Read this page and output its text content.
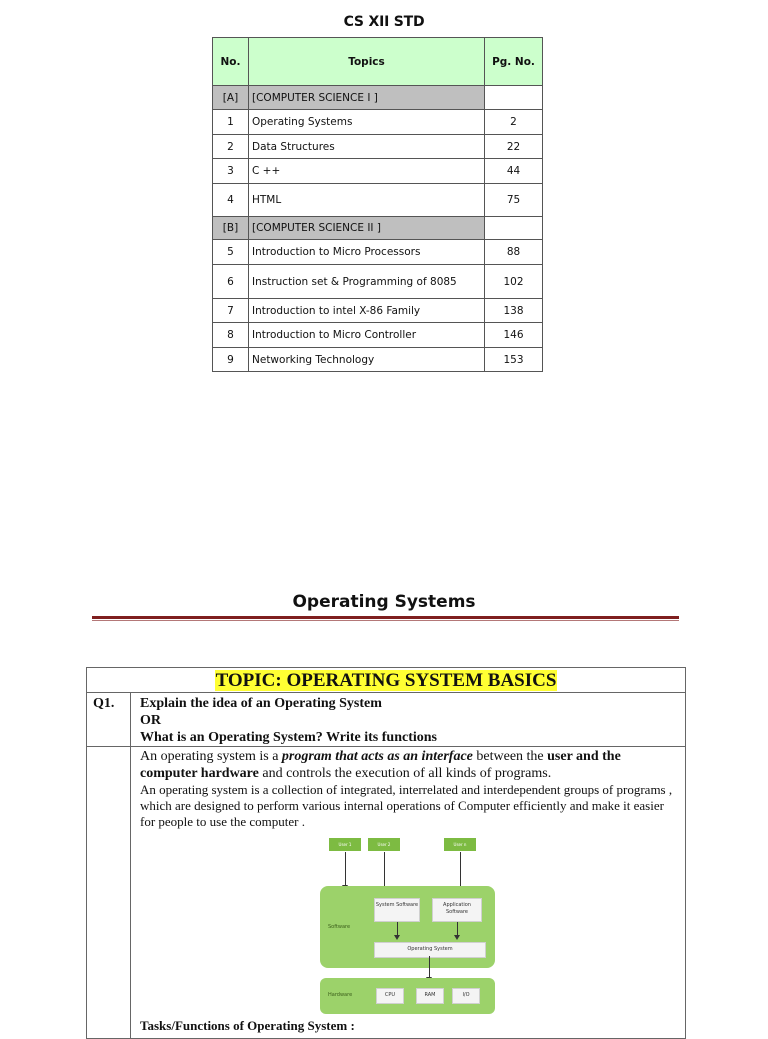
CS XII STD
No.	Topics	Pg. No.
[A]	[COMPUTER SCIENCE I ]	
1	Operating Systems	2
2	Data Structures	22
3	C ++	44
4	HTML	75
[B]	[COMPUTER SCIENCE II ]	
5	Introduction to Micro Processors	88
6	Instruction set & Programming of 8085	102
7	Introduction to intel X-86 Family	138
8	Introduction to Micro Controller	146
9	Networking Technology	153
Operating Systems
TOPIC: OPERATING SYSTEM BASICS
Q1. Explain the idea of an Operating System
OR
What is an Operating System? Write its functions

An operating system is a program that acts as an interface between the user and the computer hardware and controls the execution of all kinds of programs.

An operating system is a collection of integrated, interrelated and interdependent groups of programs , which are designed to perform various internal operations of Computer efficiently and make it easier for people to use the computer .

Tasks/Functions of Operating System :
User 1	User 2	User n
Software
System Software	Application Software
Operating System
Hardware	CPU	RAM	I/O
